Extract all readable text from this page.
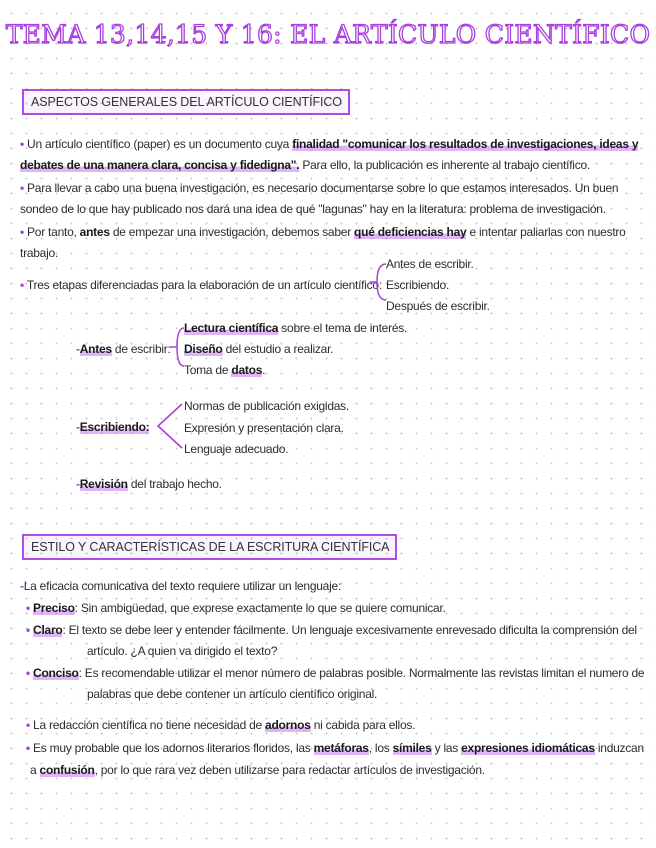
TEMA 13,14,15 Y 16: EL ARTÍCULO CIENTÍFICO
ASPECTOS GENERALES DEL ARTÍCULO CIENTÍFICO
• Un artículo científico (paper) es un documento cuya finalidad "comunicar los resultados de investigaciones, ideas y
debates de una manera clara, concisa y fidedigna". Para ello, la publicación es inherente al trabajo científico.
• Para llevar a cabo una buena investigación, es necesario documentarse sobre lo que estamos interesados. Un buen
sondeo de lo que hay publicado nos dará una idea de qué "lagunas" hay en la literatura: problema de investigación.
• Por tanto, antes de empezar una investigación, debemos saber qué deficiencias hay e intentar paliarlas con nuestro
trabajo.
• Tres etapas diferenciadas para la elaboración de un artículo científico:
Antes de escribir.
Escribiendo.
Después de escribir.
-Antes de escribir:
Lectura científica sobre el tema de interés.
Diseño del estudio a realizar.
Toma de datos.
-Escribiendo:
Normas de publicación exigidas.
Expresión y presentación clara.
Lenguaje adecuado.
-Revisión del trabajo hecho.
ESTILO Y CARACTERÍSTICAS DE LA ESCRITURA CIENTÍFICA
-La eficacia comunicativa del texto requiere utilizar un lenguaje:
• Preciso: Sin ambigüedad, que exprese exactamente lo que se quiere comunicar.
• Claro: El texto se debe leer y entender fácilmente. Un lenguaje excesivamente enrevesado dificulta la comprensión del
artículo. ¿A quien va dirigido el texto?
• Conciso: Es recomendable utilizar el menor número de palabras posible. Normalmente las revistas limitan el numero de
palabras que debe contener un artículo científico original.
• La redacción científica no tiene necesidad de adornos ni cabida para ellos.
• Es muy probable que los adornos literarios floridos, las metáforas, los símiles y las expresiones idiomáticas induzcan
a confusión, por lo que rara vez deben utilizarse para redactar artículos de investigación.
